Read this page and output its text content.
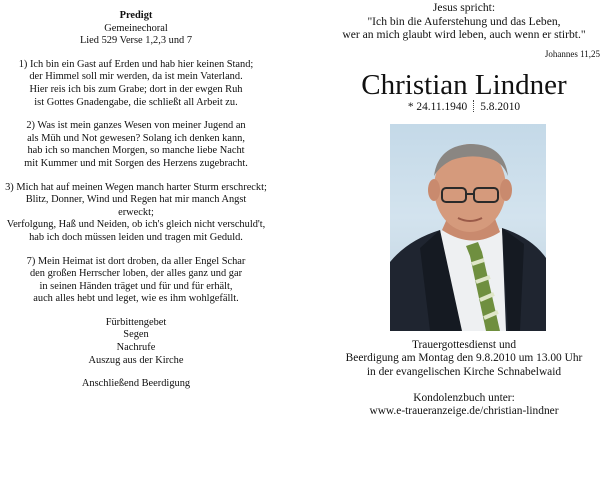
Predigt
Gemeinechoral
Lied 529 Verse 1,2,3 und 7
1) Ich bin ein Gast auf Erden und hab hier keinen Stand;
der Himmel soll mir werden, da ist mein Vaterland.
Hier reis ich bis zum Grabe; dort in der ewgen Ruh
ist Gottes Gnadengabe, die schließt all Arbeit zu.
2) Was ist mein ganzes Wesen von meiner Jugend an
als Müh und Not gewesen? Solang ich denken kann,
hab ich so manchen Morgen, so manche liebe Nacht
mit Kummer und mit Sorgen des Herzens zugebracht.
3) Mich hat auf meinen Wegen manch harter Sturm erschreckt;
Blitz, Donner, Wind und Regen hat mir manch Angst
erweckt;
Verfolgung, Haß und Neiden, ob ich's gleich nicht verschuld't,
hab ich doch müssen leiden und tragen mit Geduld.
7) Mein Heimat ist dort droben, da aller Engel Schar
den großen Herrscher loben, der alles ganz und gar
in seinen Händen träget und für und für erhält,
auch alles hebt und leget, wie es ihm wohlgefällt.
Fürbittengebet
Segen
Nachrufe
Auszug aus der Kirche
Anschließend Beerdigung
Jesus spricht:
"Ich bin die Auferstehung und das Leben,
wer an mich glaubt wird leben, auch wenn er stirbt."
Johannes 11,25
Christian Lindner
* 24.11.1940 5.8.2010
Trauergottesdienst und
Beerdigung am Montag den 9.8.2010 um 13.00 Uhr
in der evangelischen Kirche Schnabelwaid
Kondolenzbuch unter:
www.e-traueranzeige.de/christian-lindner
